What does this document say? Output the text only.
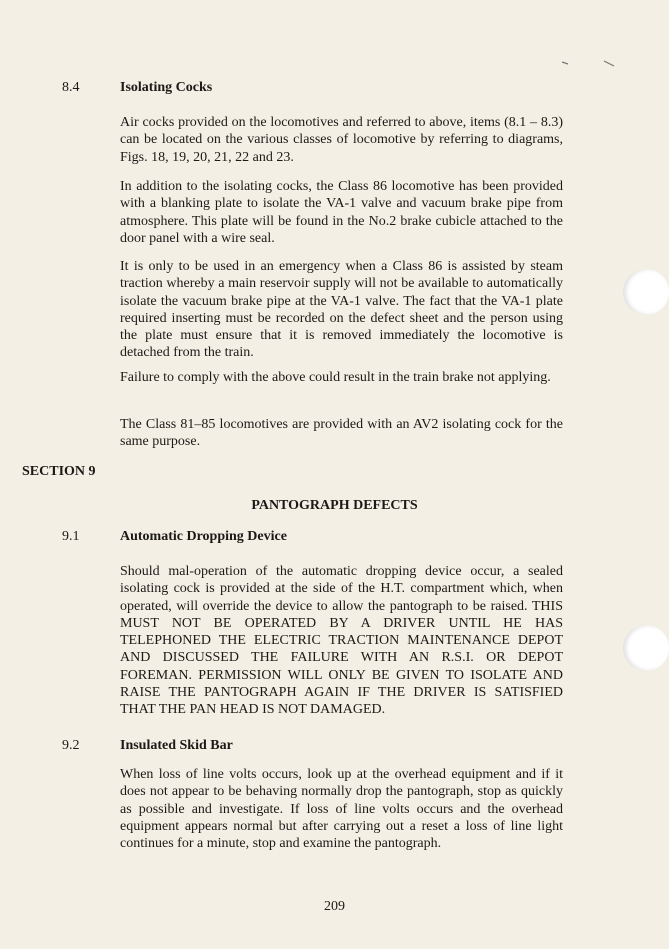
8.4	Isolating Cocks

Air cocks provided on the locomotives and referred to above, items (8.1 – 8.3) can be located on the various classes of locomotive by referring to diagrams, Figs. 18, 19, 20, 21, 22 and 23.

In addition to the isolating cocks, the Class 86 locomotive has been provided with a blanking plate to isolate the VA-1 valve and vacuum brake pipe from atmosphere. This plate will be found in the No.2 brake cubicle attached to the door panel with a wire seal.

It is only to be used in an emergency when a Class 86 is assisted by steam traction whereby a main reservoir supply will not be available to automatically isolate the vacuum brake pipe at the VA-1 valve. The fact that the VA-1 plate required inserting must be recorded on the defect sheet and the person using the plate must ensure that it is removed immediately the locomotive is detached from the train.

Failure to comply with the above could result in the train brake not applying.

The Class 81–85 locomotives are provided with an AV2 isolating cock for the same purpose.

SECTION 9
PANTOGRAPH DEFECTS
9.1	Automatic Dropping Device

Should mal-operation of the automatic dropping device occur, a sealed isolating cock is provided at the side of the H.T. compartment which, when operated, will override the device to allow the pantograph to be raised. THIS MUST NOT BE OPERATED BY A DRIVER UNTIL HE HAS TELEPHONED THE ELECTRIC TRACTION MAINTENANCE DEPOT AND DISCUSSED THE FAILURE WITH AN R.S.I. OR DEPOT FOREMAN. PERMISSION WILL ONLY BE GIVEN TO ISOLATE AND RAISE THE PANTOGRAPH AGAIN IF THE DRIVER IS SATISFIED THAT THE PAN HEAD IS NOT DAMAGED.

9.2	Insulated Skid Bar

When loss of line volts occurs, look up at the overhead equipment and if it does not appear to be behaving normally drop the pantograph, stop as quickly as possible and investigate. If loss of line volts occurs and the overhead equipment appears normal but after carrying out a reset a loss of line light continues for a minute, stop and examine the pantograph.

209
